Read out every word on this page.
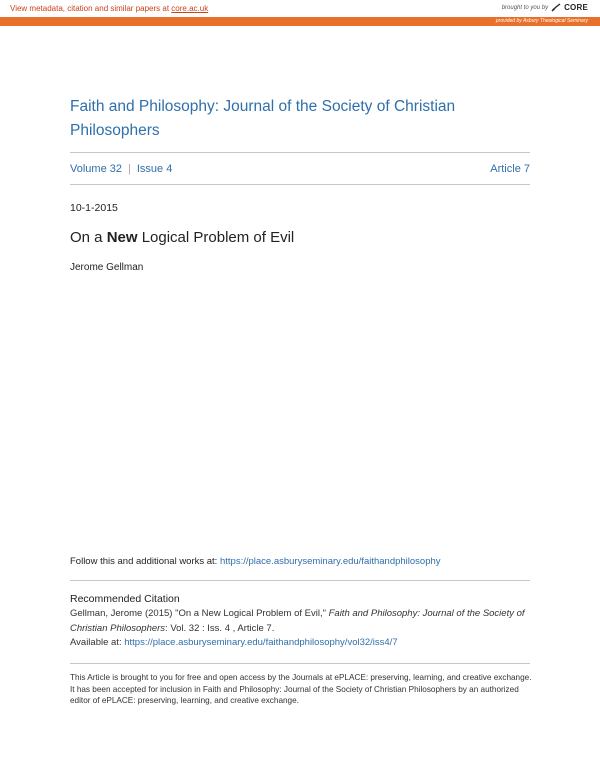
View metadata, citation and similar papers at core.ac.uk	brought to you by CORE
provided by Asbury Theological Seminary
Faith and Philosophy: Journal of the Society of Christian Philosophers
Volume 32 | Issue 4	Article 7
10-1-2015
On a New Logical Problem of Evil
Jerome Gellman
Follow this and additional works at: https://place.asburyseminary.edu/faithandphilosophy
Recommended Citation
Gellman, Jerome (2015) "On a New Logical Problem of Evil," Faith and Philosophy: Journal of the Society of Christian Philosophers: Vol. 32 : Iss. 4 , Article 7.
Available at: https://place.asburyseminary.edu/faithandphilosophy/vol32/iss4/7
This Article is brought to you for free and open access by the Journals at ePLACE: preserving, learning, and creative exchange. It has been accepted for inclusion in Faith and Philosophy: Journal of the Society of Christian Philosophers by an authorized editor of ePLACE: preserving, learning, and creative exchange.
